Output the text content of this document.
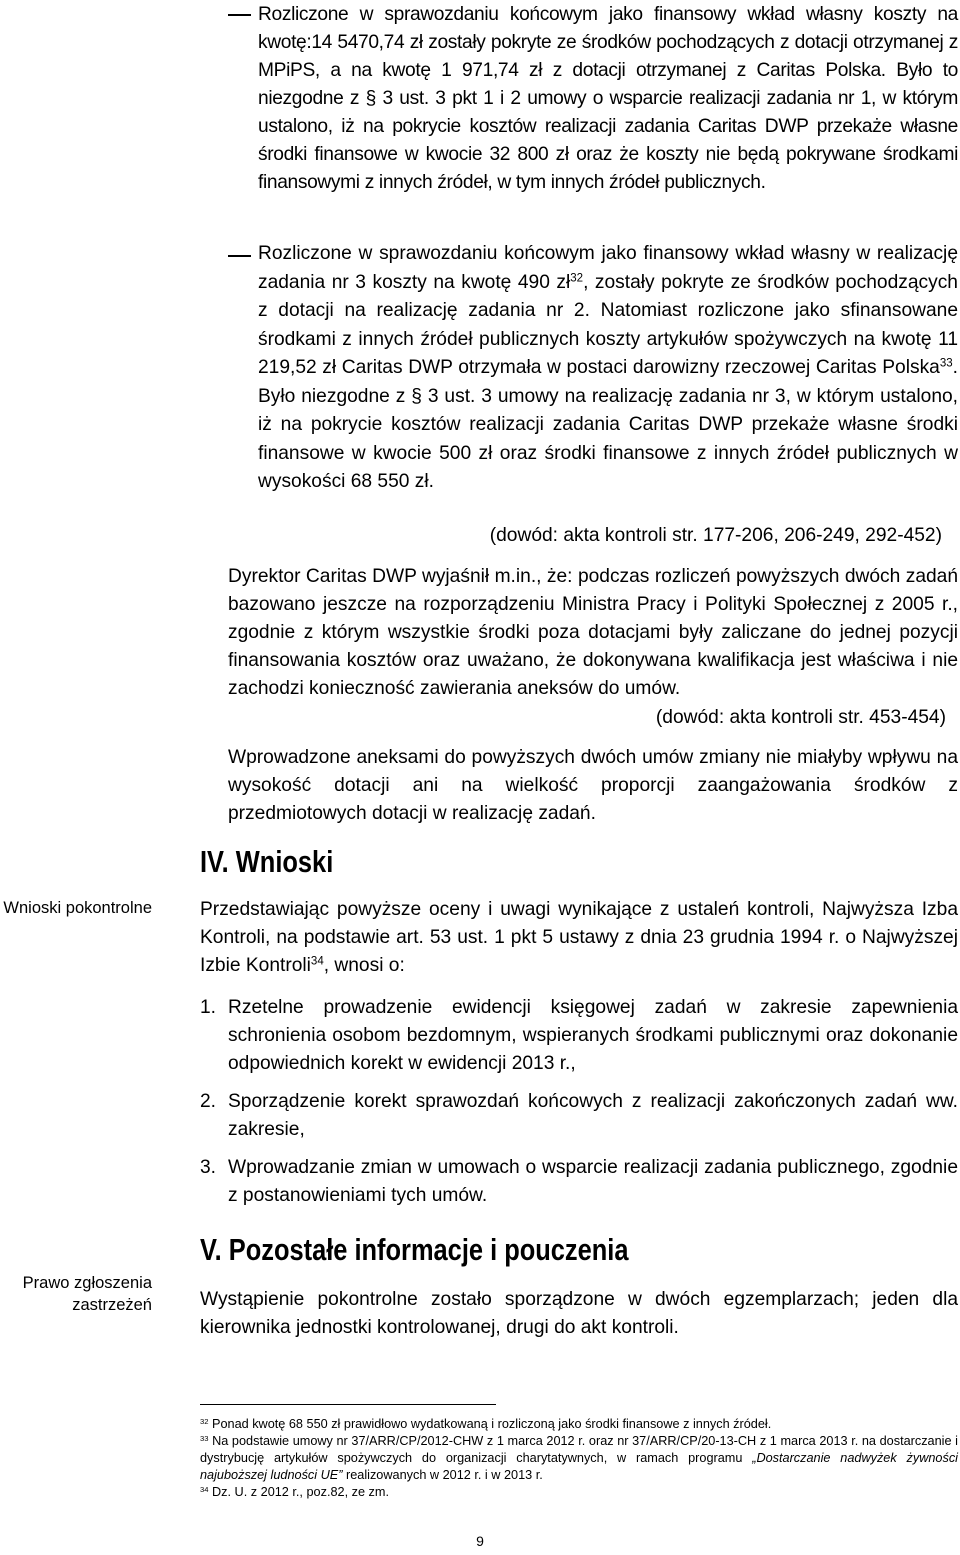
Rozliczone w sprawozdaniu końcowym jako finansowy wkład własny koszty na kwotę:14 5470,74 zł zostały pokryte ze środków pochodzących z dotacji otrzymanej z MPiPS, a na kwotę 1 971,74 zł z dotacji otrzymanej z Caritas Polska. Było to niezgodne z § 3 ust. 3 pkt 1 i 2 umowy o wsparcie realizacji zadania nr 1, w którym ustalono, iż na pokrycie kosztów realizacji zadania Caritas DWP przekaże własne środki finansowe w kwocie 32 800 zł oraz że koszty nie będą pokrywane środkami finansowymi z innych źródeł, w tym innych źródeł publicznych.

Rozliczone w sprawozdaniu końcowym jako finansowy wkład własny w realizację zadania nr 3 koszty na kwotę 490 $zł^{32}$, zostały pokryte ze środków pochodzących z dotacji na realizację zadania nr 2. Natomiast rozliczone jako sfinansowane środkami z innych źródeł publicznych koszty artykułów spożywczych na kwotę 11 219,52 zł Caritas DWP otrzymała w postaci darowizny rzeczowej Caritas Polska$^{33}$. Było niezgodne z § 3 ust. 3 umowy na realizację zadania nr 3, w którym ustalono, iż na pokrycie kosztów realizacji zadania Caritas DWP przekaże własne środki finansowe w kwocie 500 zł oraz środki finansowe z innych źródeł publicznych w wysokości 68 550 zł.

(dowód: akta kontroli str. 177-206, 206-249, 292-452)

Dyrektor Caritas DWP wyjaśnił m.in., że: podczas rozliczeń powyższych dwóch zadań bazowano jeszcze na rozporządzeniu Ministra Pracy i Polityki Społecznej z 2005 r., zgodnie z którym wszystkie środki poza dotacjami były zaliczane do jednej pozycji finansowania kosztów oraz uważano, że dokonywana kwalifikacja jest właściwa i nie zachodzi konieczność zawierania aneksów do umów.

(dowód: akta kontroli str. 453-454)

Wprowadzone aneksami do powyższych dwóch umów zmiany nie miałyby wpływu na wysokość dotacji ani na wielkość proporcji zaangażowania środków z przedmiotowych dotacji w realizację zadań.

IV. Wnioski
Wnioski pokontrolne	Przedstawiając powyższe oceny i uwagi wynikające z ustaleń kontroli, Najwyższa Izba Kontroli, na podstawie art. 53 ust. 1 pkt 5 ustawy z dnia 23 grudnia 1994 r. o Najwyższej Izbie Kontroli$^{34}$, wnosi o:

1. Rzetelne prowadzenie ewidencji księgowej zadań w zakresie zapewnienia schronienia osobom bezdomnym, wspieranych środkami publicznymi oraz dokonanie odpowiednich korekt w ewidencji 2013 r.,

2. Sporządzenie korekt sprawozdań końcowych z realizacji zakończonych zadań ww. zakresie,

3. Wprowadzanie zmian w umowach o wsparcie realizacji zadania publicznego, zgodnie z postanowieniami tych umów.

V. Pozostałe informacje i pouczenia
Prawo zgłoszenia zastrzeżeń	Wystąpienie pokontrolne zostało sporządzone w dwóch egzemplarzach; jeden dla kierownika jednostki kontrolowanej, drugi do akt kontroli.

$^{32}$ Ponad kwotę 68 550 zł prawidłowo wydatkowaną i rozliczoną jako środki finansowe z innych źródeł.

$^{33}$ Na podstawie umowy nr 37/ARR/CP/2012-CHW z 1 marca 2012 r. oraz nr 37/ARR/CP/20-13-CH z 1 marca 2013 r. na dostarczanie i dystrybucję artykułów spożywczych do organizacji charytatywnych, w ramach programu „Dostarczanie nadwyżek żywności najuboższej ludności UE” realizowanych w 2012 r. i w 2013 r.

$^{34}$ Dz. U. z 2012 r., poz.82, ze zm.

9
